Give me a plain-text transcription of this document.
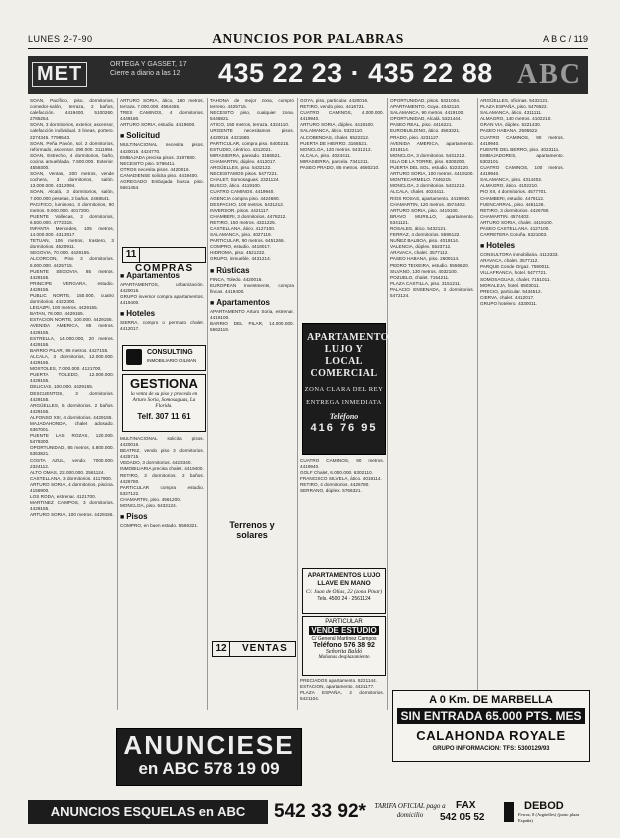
LUNES 2-7-90	ANUNCIOS POR PALABRAS	A B C / 119
MET	ORTEGA Y GASSET, 17
Cierre a diario a las 12	435 22 23 · 435 22 88 ABC

SOAN, Pacífico, piso, dormitorios, comedor-salón, terraza, 2 baños, calefacción. 4419400. 5100260. 2785254.

SOAN, 3 dormitorios, exterior, ascensor, calefacción individual. 3 lineas, portero. 2274346. 7799543.

SOAN, Peña Pavón, sol. 2 dormitorios, reformado, ascensor. 290.000. 3111994.

SOAN, Estrecho, 4 dormitorios, baño, cocina amueblada. 7.500.000. Exterior. 4559300.

SOAN, Ventas, 200 metros, vende cochera, 3 dormitorios, salón. 13.000.000. 4312094.

SOAN, Alcalá, 3 dormitorios, salón, 7.000.000 pesetas, 2 baños. 2468541.

PACIFICO, luminoso, 3 dormitorios, 90 metros. 9.000.000. 4017200.

PUENTE Vallecas, 2 dormitorios, 6.500.000. 4772315.

INFANTA Mercedes, 105 metros, 14.000.000. 4313017.

TETUAN, 106 metros, trastero, 3 dormitorios. 4520911.

SEGOVIA, 70.000. 4429155.

ALCORCON, Piso 3 dormitorios. 6.000.000. 4425715.

PUENTE SEGOVIA, 85 metros. 4429155.

PRINCIPE VERGARA, estudio. 4429155.

PUBLIC NORTE, 150.000, cuatro dormitorios. 4422300.

LEGAZPI, 100 metros. 4429155.

BATAN, 78.000. 4429155.

ESTACION NORTE, 100.000. 4429155.

AVENIDA AMERICA, 85 metros. 4429155.

ESTRELLA, 14.000.000, 20 metros. 4429155.

BARRIO PILAR, 95 metros. 4427155.

ALCALA, 3 dormitorios, 12.000.000. 4429155.

MOSTOLES, 7.000.000. 4121700.

PUERTA TOLEDO, 12.000.000. 4429155.

DELICIAS, 100.000. 4429155.

DESCUENTOS, 3 dormitorios. 4429155.

ARGÜELLES, 5 dormitorios. 2 baños. 4429155.

ALFONSO XIII, 4 dormitorios. 4429155.

MAJADAHONDA, chalet adosado. 6367001.

PUENTE LAS ROZAS, 120.000. 5478300.

OPORTUNIDAD, 85 metros, 4.800.000. 6363821.

COSTA AZUL, vendo. 7000.000. 2324112.

ALTO OMAS, 22.000.000. 2561124.

CASTELLANA, 3 dormitorios. 4117800.

ARTURO SORIA, 4 dormitorios, piscina. 4156900.

LOS RODA, estrenar. 4121700.

MARTINEZ CAMPOS, 3 dormitorios. 4429155.

ARTURO SORIA, 100 metros. 4429155.

ARTURO SORIA, ático, 180 metros, terraza. 7.000.000. 4564455.

TRES CAMINOS, 4 dormitorios. 4449180.

ARTURO SORIA, estudio. 4419600.

■ Solicitud

MULTINACIONAL necesita pisos. 4420016. 4424770.

EMBAJADA precisa pisos. 3197880.

NECESITO piso. 5786411.

OTROS necesita pisos. 4420016.

CANADIENSE solicita piso. 4419400.

AGREGADO Embajada busca piso. 5661454.

TAHONA de mejor zona, compro terreno. 4425715.

NECESITO piso, cualquier zona. 5446821.

ATICO, 150 metros, terraza. 4324110.

URGENTE necesitamos pisos. 4420016. 4421580.

PARTICULAR, compra piso. 6400215.

ESTUDIO, céntrico. 4312021.

MIRASIERRA, pareado. 3166521.

CHAMARTIN, dúplex. 4412017.

ARGÜELLES, piso. 5432122.

NECESITAMOS pisos. 5477221.

CHALET, Somosaguas. 2321124.

BUSCO, ático. 4119100.

CUATRO CAMINOS. 4419940.

AGENCIA compra piso. 4424680.

DESPACHO, 100 metros. 5431212.

INVERSOR, pisos. 4421117.

CHAMBERI, 3 dormitorios. 4478212.

RETIRO, 150 metros. 4321225.

CASTELLANA, ático. 4127100.

SALAMANCA, piso. 4027119.

PARTICULAR, 90 metros. 6451266.

COMPRO, estudio. 4418017.

HIDROMA, piso. 4521232.

GRUPO, inmueble. 4431214.

■ Rústicas

FINCA, Toledo. 4420016.

EUROPEAN Investments, compra fincas. 4419400.

■ Apartamentos

APARTAMENTO Arturo Soria, estrenar. 4419100.

BARRIO DEL PILAR, 14.000.000. 5562119.

GOYA, piso, particular. 4420016.

RETIRO, vendo piso. 4416721.

CUATRO CAMINOS, 4.000.000. 4419940.

ARTURO SORIA, dúplex. 4419100.

SALAMANCA, ático. 5322110.

ALCOBENDAS, chalet. 6522312.

PUERTA DE HIERRO. 3166521.

MONCLOA, 120 metros. 5431212.

ALCALA, piso. 4024411.

MIRASIERRA, parcela. 7341211.

PASEO PRADO, 85 metros. 4680210.

OPORTUNIDAD, pisos. 5321004.

APARTAMENTO, Goya. 4042110.

SALAMANCA, 90 metros. 4419100.

OPORTUNIDAD, Alcalá. 5321444.

PASEO REAL, piso. 4416221.

EUROBUILDING, ático. 4563321.

PRADO, piso. 4231127.

AVENIDA AMERICA, apartamento. 4019114.

MONCLOA, 3 dormitorios. 5431212.

ISLA DE LA TORRE, piso. 6300200.

PUERTA DEL SOL, estudio. 5223120.

ARTURO SORIA, 100 metros. 4419100.

MONTECARMELO. 7346215.

MONCLOA, 2 dormitorios. 5431212.

ALCALA, chalet. 4024411.

RIOS ROSAS, apartamento. 4419940.

CHAMARTIN, 120 metros. 4574402.

ARTURO SORIA, piso. 4419100.

BRAVO MURILLO, apartamento. 5341121.

ROSALES, ático. 5432121.

FERRAZ, 4 dormitorios. 5595122.

NUÑEZ BALBOA, piso. 4019114.

VALENCIA, dúplex. 5523712.

ARAVACA, chalet. 3577112.

PASEO HABANA, piso. 2609114.

PEDRO TEIXEIRA, estudio. 5556620.

SILVANO, 130 metros. 4032100.

POZUELO, chalet. 7154211.

PLAZA CASTILLA, piso. 3151211.

PALACIO ENSENADA, 3 dormitorios. 5472124.

ARGÜELLES, oficinas. 5432121.

PLAZA ESPAÑA, piso. 5476622.

SALAMANCA, ático. 4311111.

ALMAGRO, 140 metros. 4102210.

GRAN VIA, dúplex. 5221430.

PASEO HABANA. 2595522.

CUATRO CAMINOS, 90 metros. 4419940.

FUENTE DEL BERRO, piso. 4023111.

EMBAJADORES, apartamento. 5302101.

CUATRO CAMINOS, 100 metros. 4419940.

SALAMANCA, piso. 4314402.

ALMAGRO, ático. 4102210.

PIO XII, 4 dormitorios. 4577701.

CHAMBERI, estudio. 4479112.

FUENCARRAL, piso. 4461126.

RETIRO, 3 dormitorios. 4426780.

CHAMARTIN. 4574402.

ARTURO SORIA, chalet. 4419100.

PASEO CASTELLANA. 4127100.

CARRETERA Coruña. 6321003.

■ Hoteles

CONSULTORA inmobiliaria. 4113333.

ARAVACA, chalet. 3577112.

PARQUE Conde Orgaz. 7590011.

VILLAFRANCA, hotel. 5477721.

SOMOSAGUAS, chalet. 7151011.

MORALEJA, hotel. 6503011.

PRECIO, particular. 5434512.

CIERVA, chalet. 4412017.

GRUPO hotelero. 4330011.

11COMPRAS
■ Apartamentos

APARTAMENTOS, urbanización. 4420016.

GRUPO inversor compra apartamentos. 4419400.

■ Hoteles

SIERRA, compro o permuto chalet. 4412017.

CONSULTING
INMOBILIARIO GILMAN
GESTIONA
la venta de su piso y proceda en Arturo Soria, Somosaguas, La Florida.
Telf. 307 11 61

MULTINACIONAL solicita pisos. 4420016.

BEATRIZ, vendo piso 3 dormitorios. 4425715.

VEDADO, 3 dormitorios. 4423340.

INMOBILIARIA precisa chalet. 4419400.

RETIRO, 3 dormitorios. 2 baños. 4426780.

PARTICULAR compra estudio. 5327122.

CHAMARTIN, piso. 4561200.

MONCLOA, piso. 5432124.

■ Pisos

COMPRO, en buen estado. 5566321.	Terrenos y solares
12 VENTAS
APARTAMENTOS LUJO Y LOCAL COMERCIAL
ZONA CLARA DEL REY
ENTREGA INMEDIATA
Teléfono
416 76 95

CUATRO CAMINOS, 90 metros. 4419940.

GOLF Chalet, 6.000.000. 6302110.

FRANCISCO SILVELA, ático. 4019114.

RETIRO, 4 dormitorios. 4426780.

SERRANO, dúplex. 5766321.

APARTAMENTOS LUJO LLAVE EN MANO
C/. Juan de Olías, 22 (zona Pinar)
Tels. 4500 24 · 2561124
PARTICULAR
VENDE ESTUDIO
C/ General Martínez Campos
Teléfono 576 38 92
Señorita Baldó
Mañanas desplazamiento

PRECIADOS apartamento. 5221144.

ESTACION, apartamento. 4421177.

PLAZA ESPAÑA, 2 dormitorios. 5421104.	A 0 Km. DE MARBELLA
SIN ENTRADA 65.000 PTS. MES
CALAHONDA ROYALE
GRUPO INFORMACION: TFS: 5300129/93
ANUNCIESE
en ABC 578 19 09
ANUNCIOS ESQUELAS en ABC	542 33 92* TARIFA OFICIAL pago a domicilio
FAX
542 05 52
DEBOD
Ferraz, 8 (Argüelles) (junto plaza España)
